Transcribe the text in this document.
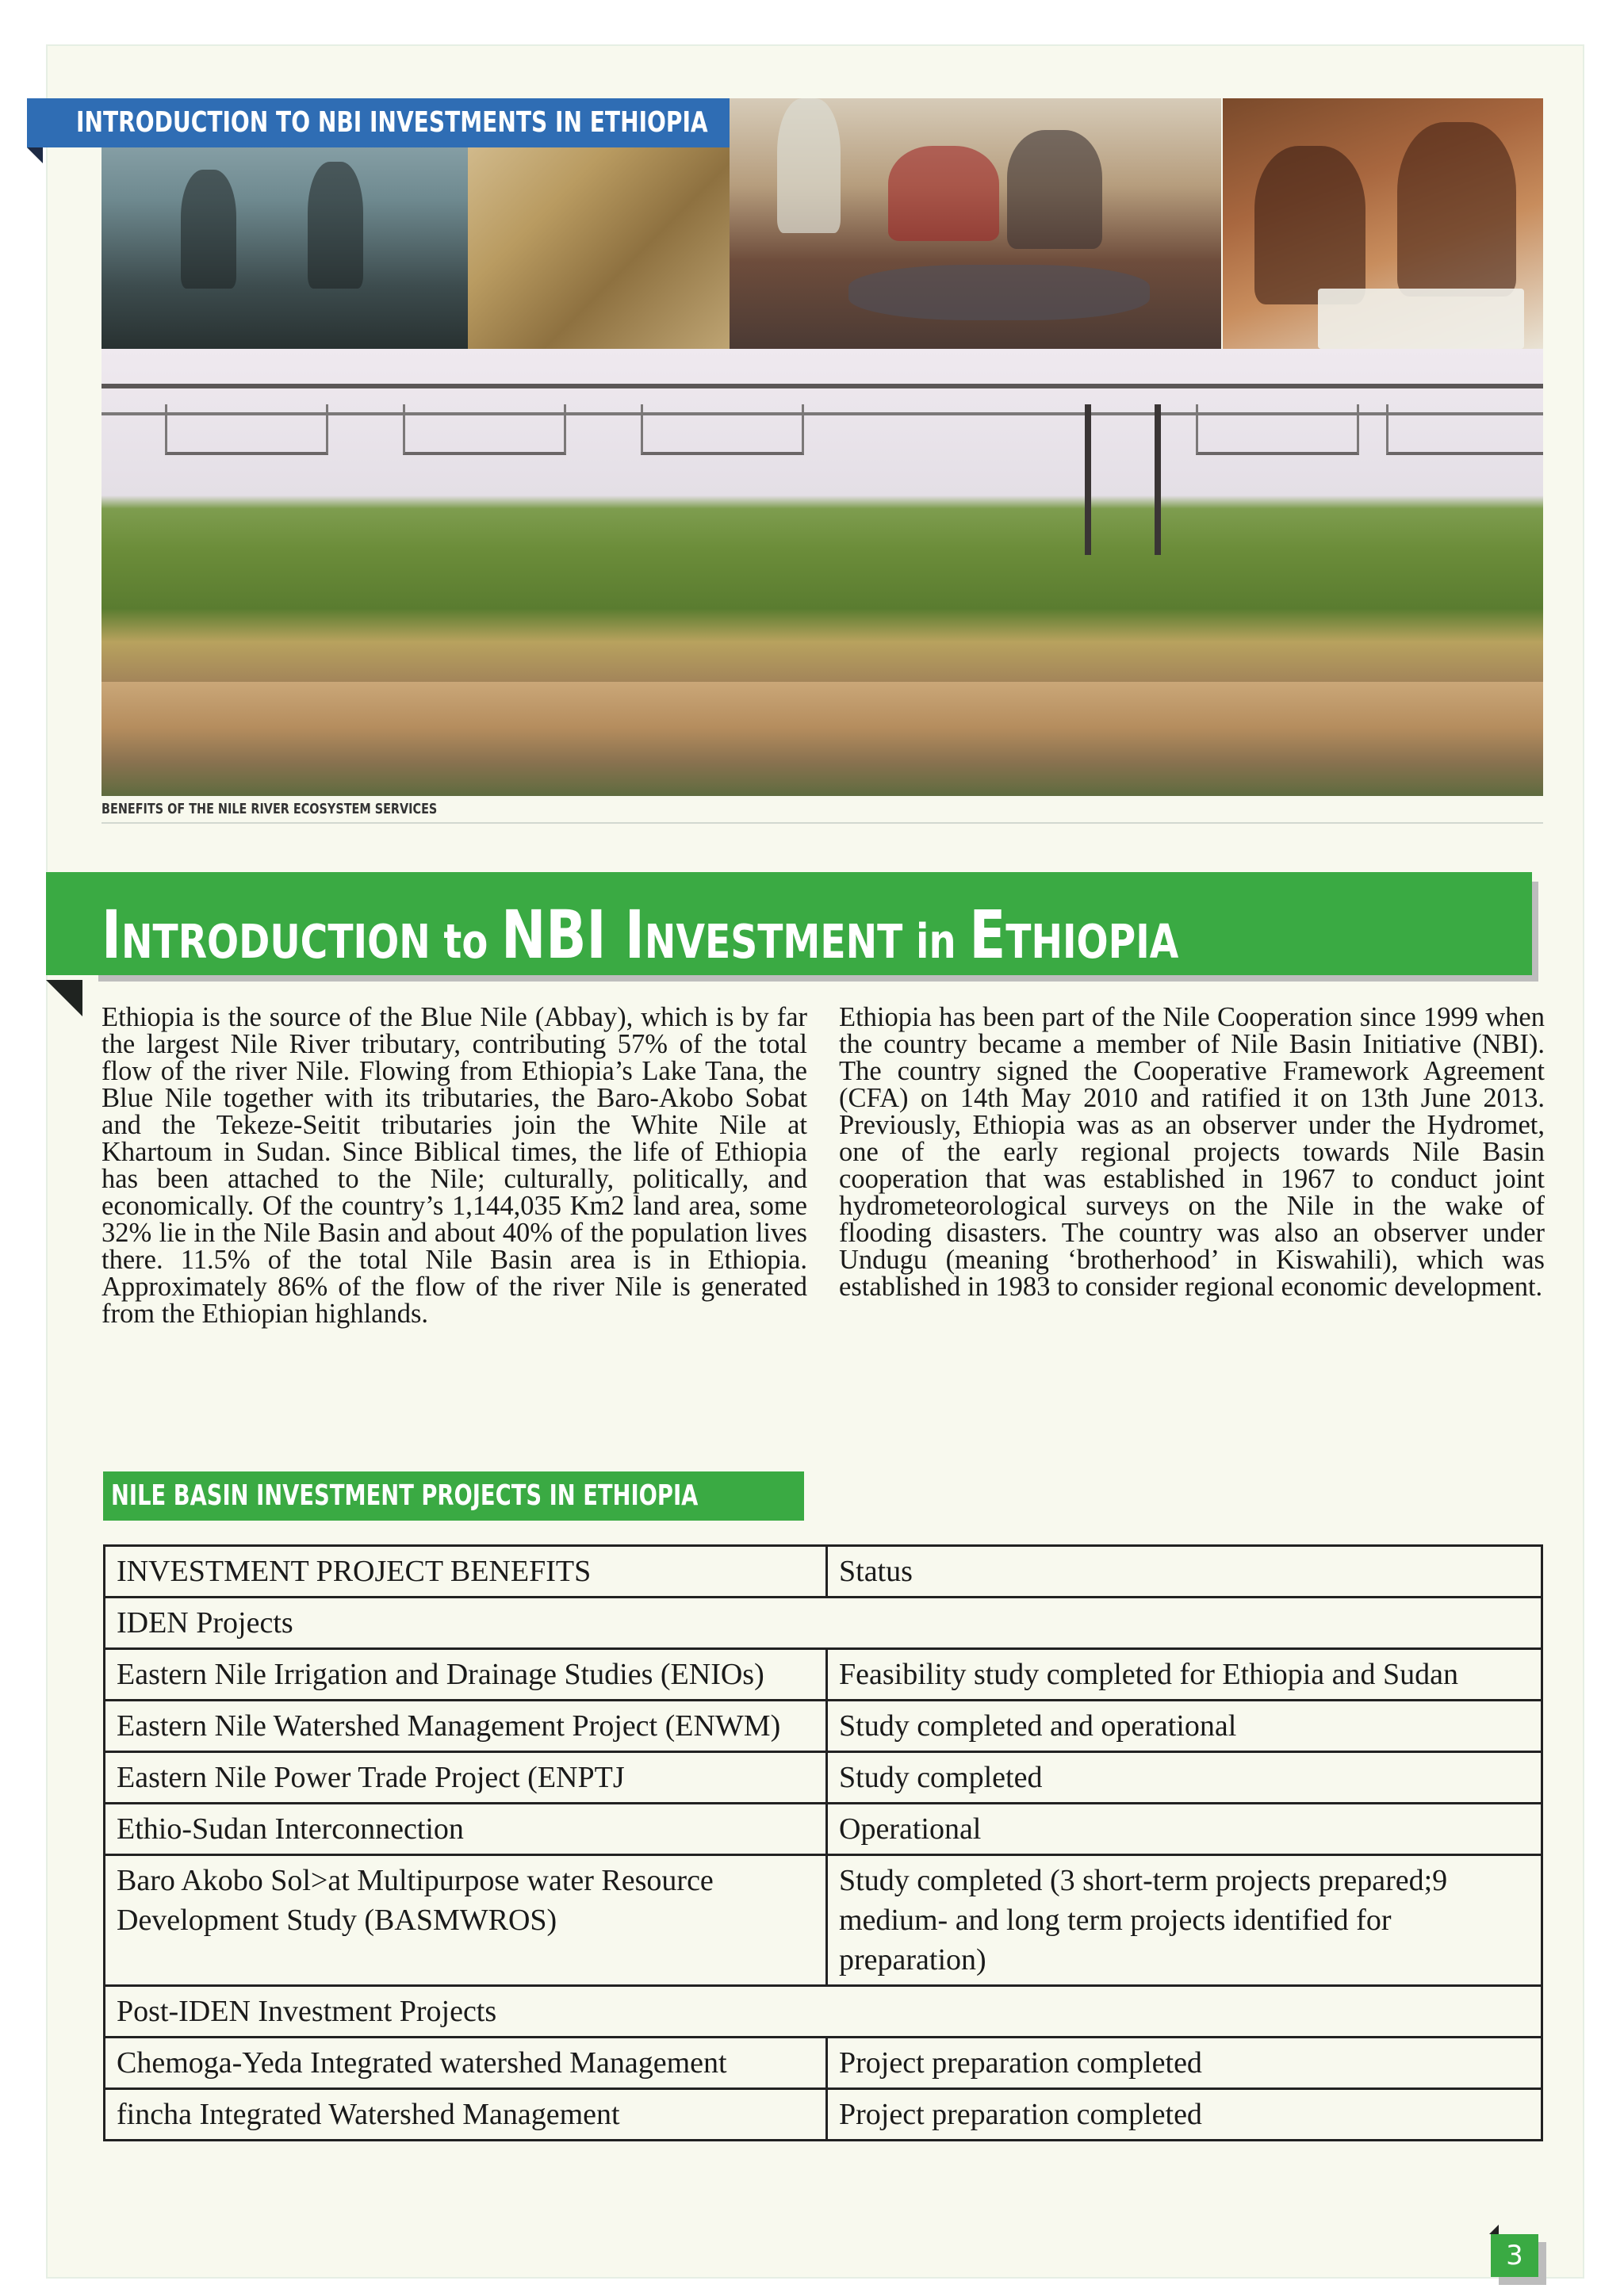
INTRODUCTION TO NBI INVESTMENTS IN ETHIOPIA
BENEFITS OF THE NILE RIVER ECOSYSTEM SERVICES
Introduction to NBI Investment in Ethiopia
Ethiopia is the source of the Blue Nile (Abbay), which is by far the largest Nile River tributary, contributing 57% of the total flow of the river Nile. Flowing from Ethiopia’s Lake Tana, the Blue Nile together with its tributaries, the Baro-Akobo Sobat and the Tekeze-Seitit tributaries join the White Nile at Khartoum in Sudan. Since Biblical times, the life of Ethiopia has been attached to the Nile; culturally, politically, and economically. Of the country’s 1,144,035 Km2 land area, some 32% lie in the Nile Basin and about 40% of the population lives there. 11.5% of the total Nile Basin area is in Ethiopia. Approximately 86% of the flow of the river Nile is generated from the Ethiopian highlands.
Ethiopia has been part of the Nile Cooperation since 1999 when the country became a member of Nile Basin Initiative (NBI). The country signed the Cooperative Framework Agreement (CFA) on 14th May 2010 and ratified it on 13th June 2013. Previously, Ethiopia was as an observer under the Hydromet, one of the early regional projects towards Nile Basin cooperation that was established in 1967 to conduct joint hydrometeorological surveys on the Nile in the wake of flooding disasters. The country was also an observer under Undugu (meaning ‘brotherhood’ in Kiswahili), which was established in 1983 to consider regional economic development.
NILE BASIN INVESTMENT PROJECTS IN ETHIOPIA
INVESTMENT PROJECT BENEFITS	Status
IDEN Projects	
Eastern Nile Irrigation and Drainage Studies (ENIOs)	Feasibility study completed for Ethiopia and Sudan
Eastern Nile Watershed Management Project (ENWM)	Study completed and operational
Eastern Nile Power Trade Project (ENPTJ	Study completed
Ethio-Sudan Interconnection	Operational
Baro Akobo Sol>at Multipurpose water Resource Development Study (BASMWROS)	Study completed (3 short-term projects prepared;9 medium- and long term projects identified for preparation)
Post-IDEN Investment Projects	
Chemoga-Yeda Integrated watershed Management	Project preparation completed
fincha Integrated Watershed Management	Project preparation completed
3
